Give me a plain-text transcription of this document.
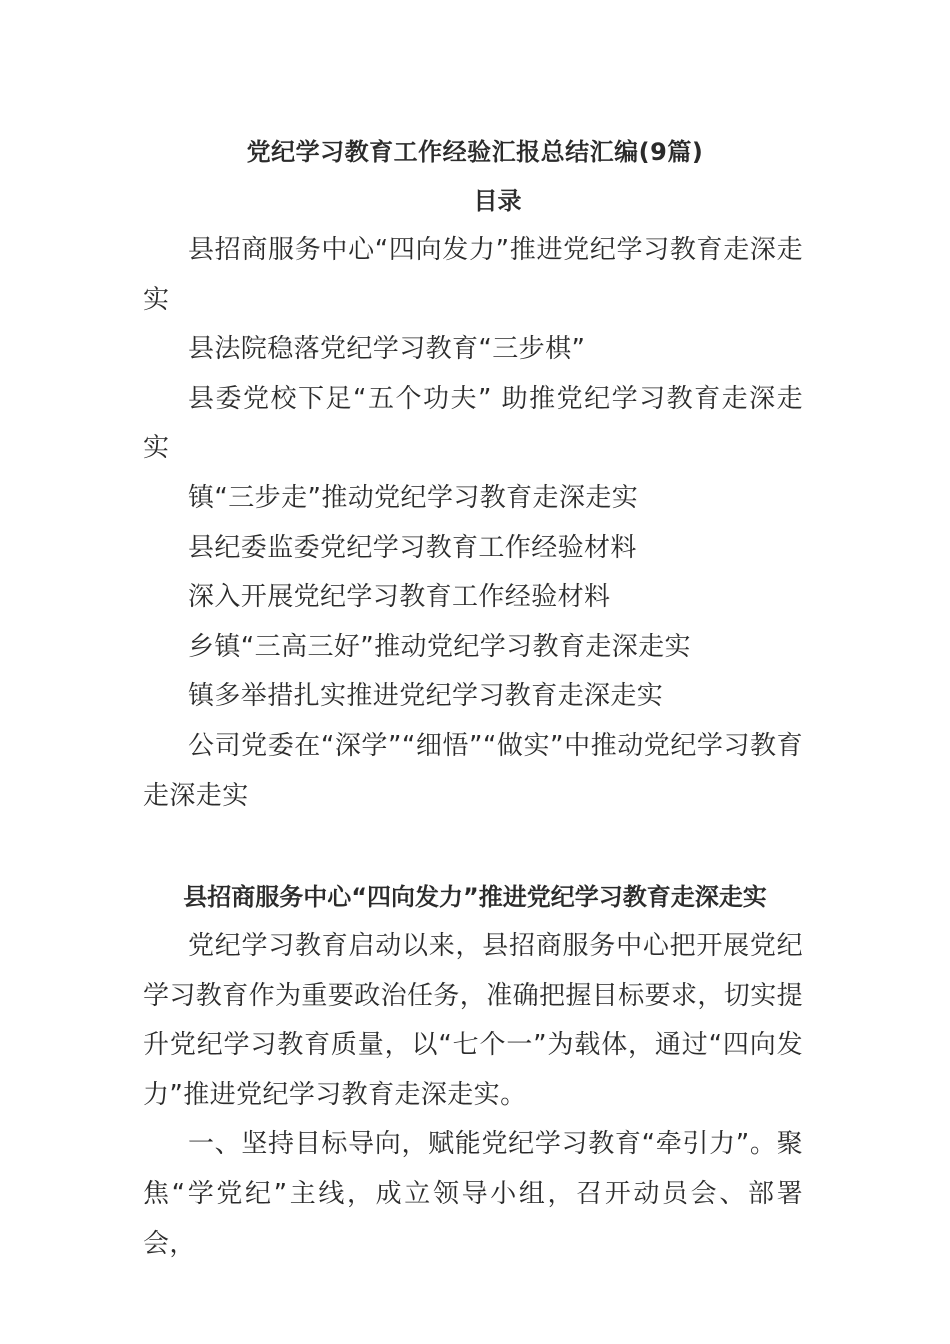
党纪学习教育工作经验汇报总结汇编(9篇)
目录

县招商服务中心“四向发力”推进党纪学习教育走深走实

县法院稳落党纪学习教育“三步棋”

县委党校下足“五个功夫” 助推党纪学习教育走深走实

镇“三步走”推动党纪学习教育走深走实

县纪委监委党纪学习教育工作经验材料

深入开展党纪学习教育工作经验材料

乡镇“三高三好”推动党纪学习教育走深走实

镇多举措扎实推进党纪学习教育走深走实

公司党委在“深学”“细悟”“做实”中推动党纪学习教育走深走实

县招商服务中心“四向发力”推进党纪学习教育走深走实

党纪学习教育启动以来，县招商服务中心把开展党纪学习教育作为重要政治任务，准确把握目标要求，切实提升党纪学习教育质量，以“七个一”为载体，通过“四向发力”推进党纪学习教育走深走实。

一、坚持目标导向，赋能党纪学习教育“牵引力”。聚焦“学党纪”主线，成立领导小组，召开动员会、部署会，
